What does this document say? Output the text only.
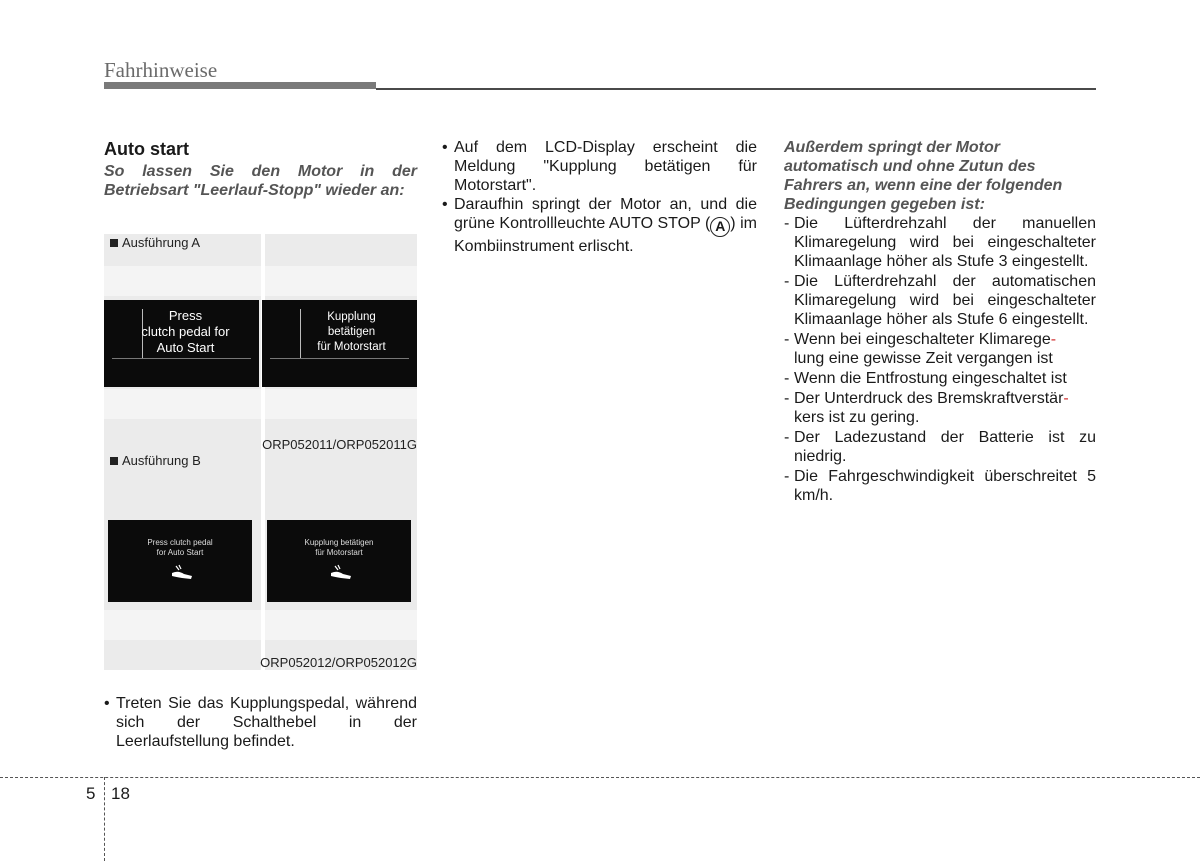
Fahrhinweise
Auto start
So lassen Sie den Motor in der Betriebsart "Leerlauf-Stopp" wieder an:
Ausführung A
Press
clutch pedal for
Auto Start
Kupplung
betätigen
für Motorstart
ORP052011/ORP052011G
Ausführung B
Press clutch pedal
for Auto Start
Kupplung betätigen
für Motorstart
ORP052012/ORP052012G
• Treten Sie das Kupplungspedal, während sich der Schalthebel in der Leerlaufstellung befindet.
• Auf dem LCD-Display erscheint die Meldung "Kupplung betätigen für Motorstart".
• Daraufhin springt der Motor an, und die grüne Kontrollleuchte AUTO STOP ( A ) im Kombiinstrument erlischt.
Außerdem springt der Motor automatisch und ohne Zutun des Fahrers an, wenn eine der folgenden Bedingungen gegeben ist:
- Die Lüfterdrehzahl der manuellen Klimaregelung wird bei eingeschalteter Klimaanlage höher als Stufe 3 eingestellt.
- Die Lüfterdrehzahl der automatischen Klimaregelung wird bei eingeschalteter Klimaanlage höher als Stufe 6 eingestellt.
- Wenn bei eingeschalteter Klimarege-
lung eine gewisse Zeit vergangen ist
- Wenn die Entfrostung eingeschaltet ist
- Der Unterdruck des Bremskraftverstär-
kers ist zu gering.
- Der Ladezustand der Batterie ist zu niedrig.
- Die Fahrgeschwindigkeit überschreitet 5 km/h.
5 18
